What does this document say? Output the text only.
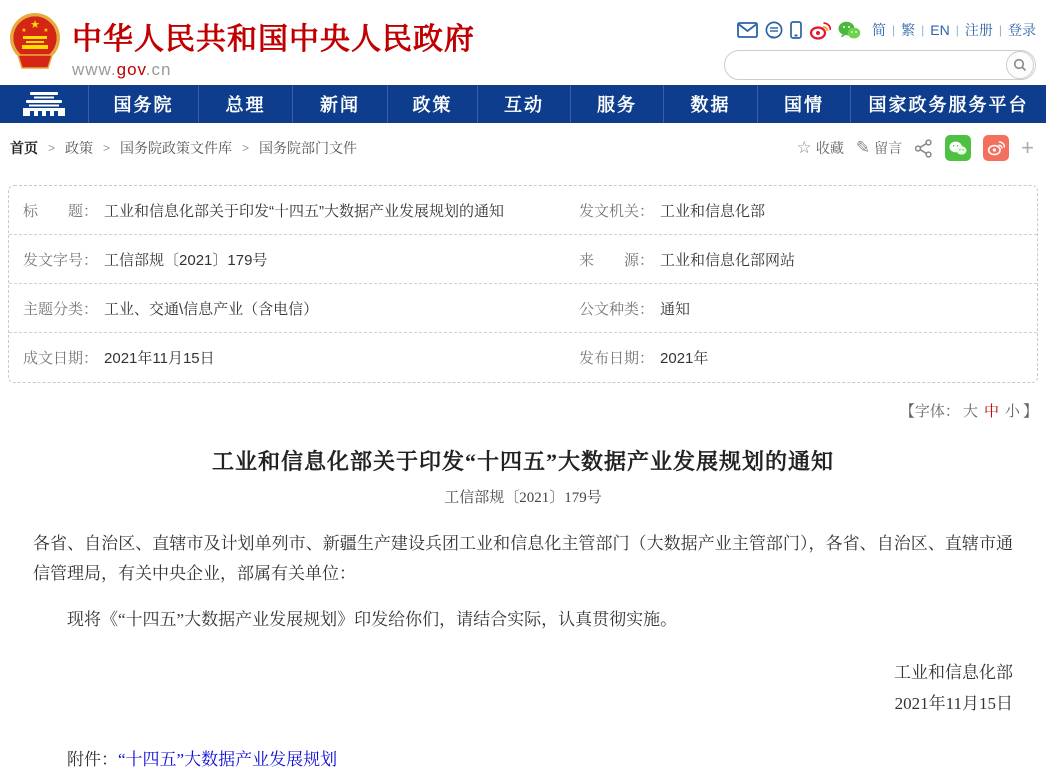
★
★	★ 中华人民共和国中央人民政府
www.gov.cn
简 | 繁 | EN | 注册 | 登录
国务院	总理	新闻	政策	互动	服务	数据	国情	国家政务服务平台
首页 > 政策 > 国务院政策文件库 > 国务院部门文件	☆ 收藏 ✎ 留言	+
标　　题： 工业和信息化部关于印发“十四五”大数据产业发展规划的通知	发文机关： 工业和信息化部
发文字号： 工信部规〔2021〕179号	来　　源： 工业和信息化部网站
主题分类： 工业、交通\信息产业（含电信）	公文种类： 通知
成文日期： 2021年11月15日	发布日期： 2021年
【字体： 大 中 小 】
工业和信息化部关于印发“十四五”大数据产业发展规划的通知
工信部规〔2021〕179号

各省、自治区、直辖市及计划单列市、新疆生产建设兵团工业和信息化主管部门（大数据产业主管部门），各省、自治区、直辖市通信管理局，有关中央企业，部属有关单位：

现将《“十四五”大数据产业发展规划》印发给你们，请结合实际，认真贯彻实施。

工业和信息化部
2021年11月15日
附件：“十四五”大数据产业发展规划
